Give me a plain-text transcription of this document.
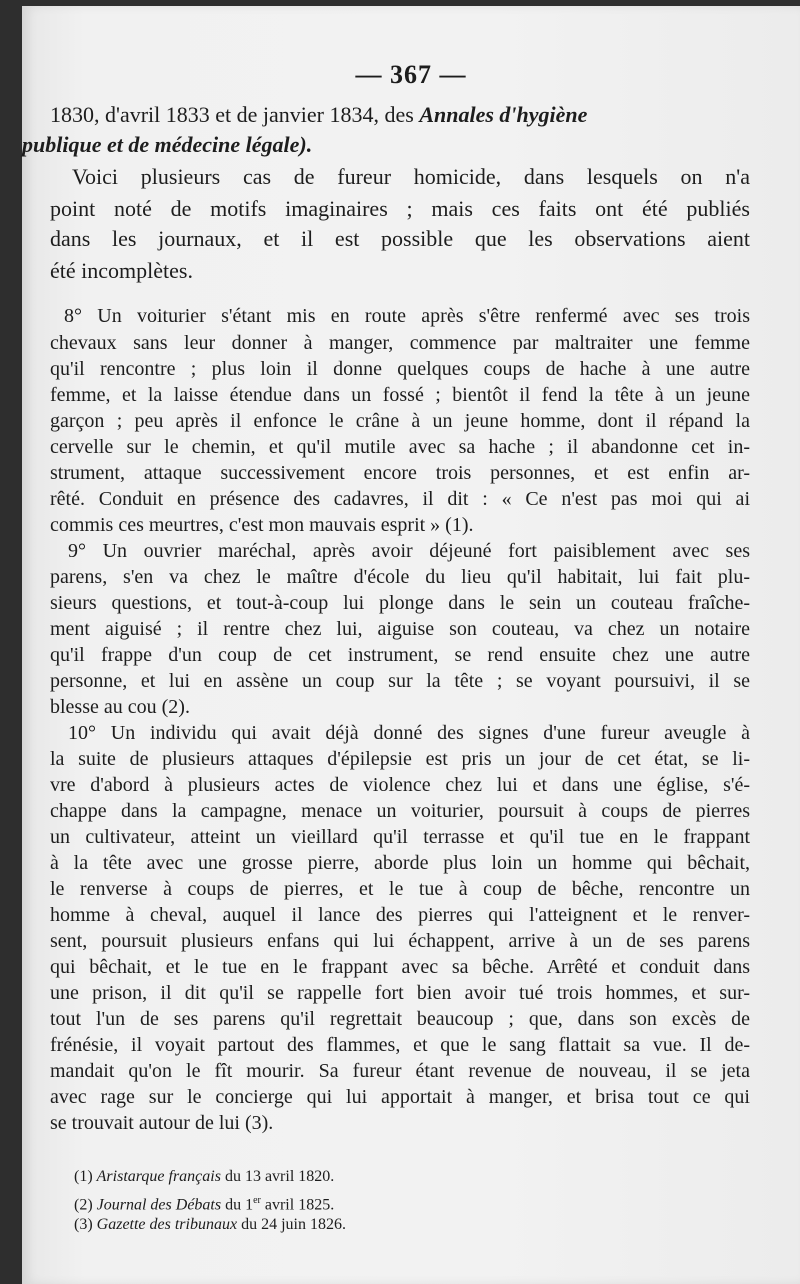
— 367 —
1830, d'avril 1833 et de janvier 1834, des Annales d'hygiène
publique et de médecine légale).
Voici plusieurs cas de fureur homicide, dans lesquels on n'a
point noté de motifs imaginaires ; mais ces faits ont été publiés
dans les journaux, et il est possible que les observations aient
été incomplètes.
8° Un voiturier s'étant mis en route après s'être renfermé avec ses trois
chevaux sans leur donner à manger, commence par maltraiter une femme
qu'il rencontre ; plus loin il donne quelques coups de hache à une autre
femme, et la laisse étendue dans un fossé ; bientôt il fend la tête à un jeune
garçon ; peu après il enfonce le crâne à un jeune homme, dont il répand la
cervelle sur le chemin, et qu'il mutile avec sa hache ; il abandonne cet in-
strument, attaque successivement encore trois personnes, et est enfin ar-
rêté. Conduit en présence des cadavres, il dit : « Ce n'est pas moi qui ai
commis ces meurtres, c'est mon mauvais esprit » (1).
9° Un ouvrier maréchal, après avoir déjeuné fort paisiblement avec ses
parens, s'en va chez le maître d'école du lieu qu'il habitait, lui fait plu-
sieurs questions, et tout-à-coup lui plonge dans le sein un couteau fraîche-
ment aiguisé ; il rentre chez lui, aiguise son couteau, va chez un notaire
qu'il frappe d'un coup de cet instrument, se rend ensuite chez une autre
personne, et lui en assène un coup sur la tête ; se voyant poursuivi, il se
blesse au cou (2).
10° Un individu qui avait déjà donné des signes d'une fureur aveugle à
la suite de plusieurs attaques d'épilepsie est pris un jour de cet état, se li-
vre d'abord à plusieurs actes de violence chez lui et dans une église, s'é-
chappe dans la campagne, menace un voiturier, poursuit à coups de pierres
un cultivateur, atteint un vieillard qu'il terrasse et qu'il tue en le frappant
à la tête avec une grosse pierre, aborde plus loin un homme qui bêchait,
le renverse à coups de pierres, et le tue à coup de bêche, rencontre un
homme à cheval, auquel il lance des pierres qui l'atteignent et le renver-
sent, poursuit plusieurs enfans qui lui échappent, arrive à un de ses parens
qui bêchait, et le tue en le frappant avec sa bêche. Arrêté et conduit dans
une prison, il dit qu'il se rappelle fort bien avoir tué trois hommes, et sur-
tout l'un de ses parens qu'il regrettait beaucoup ; que, dans son excès de
frénésie, il voyait partout des flammes, et que le sang flattait sa vue. Il de-
mandait qu'on le fît mourir. Sa fureur étant revenue de nouveau, il se jeta
avec rage sur le concierge qui lui apportait à manger, et brisa tout ce qui
se trouvait autour de lui (3).
(1) Aristarque français du 13 avril 1820.
(2) Journal des Débats du 1er avril 1825.
(3) Gazette des tribunaux du 24 juin 1826.
